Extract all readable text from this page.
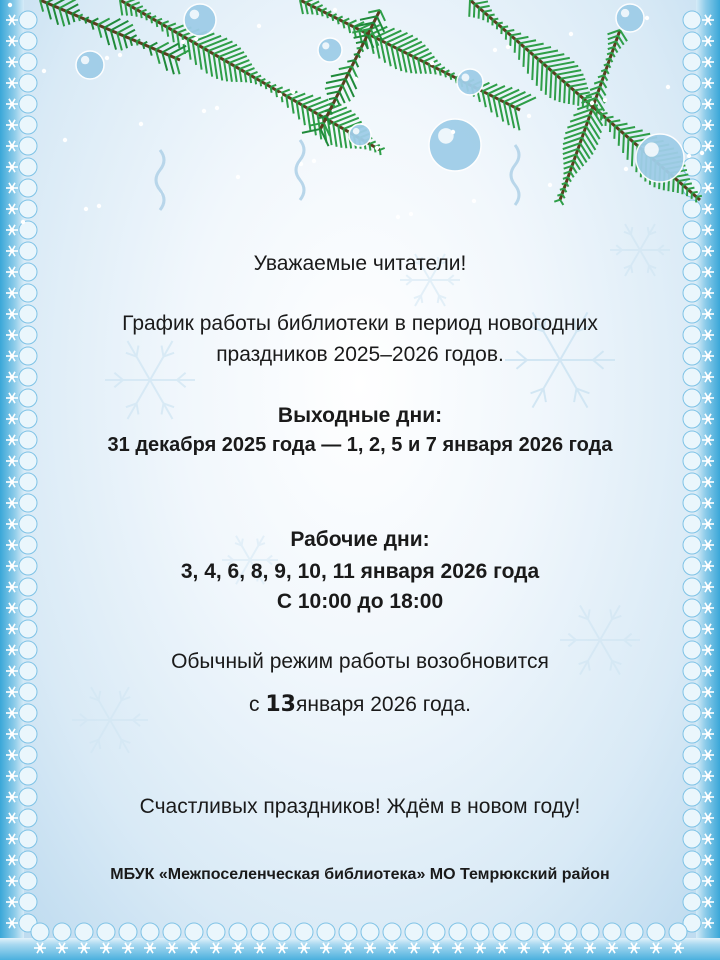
Уважаемые читатели!
График работы библиотеки в период новогодних
праздников 2025–2026 годов.
Выходные дни:
31 декабря 2025 года — 1, 2, 5 и 7 января 2026 года
Рабочие дни:
3, 4, 6, 8, 9, 10, 11 января 2026 года
С 10:00 до 18:00
Обычный режим работы возобновится
с 13января 2026 года.
Счастливых праздников! Ждём в новом году!
МБУК «Межпоселенческая библиотека» МО Темрюкский район
